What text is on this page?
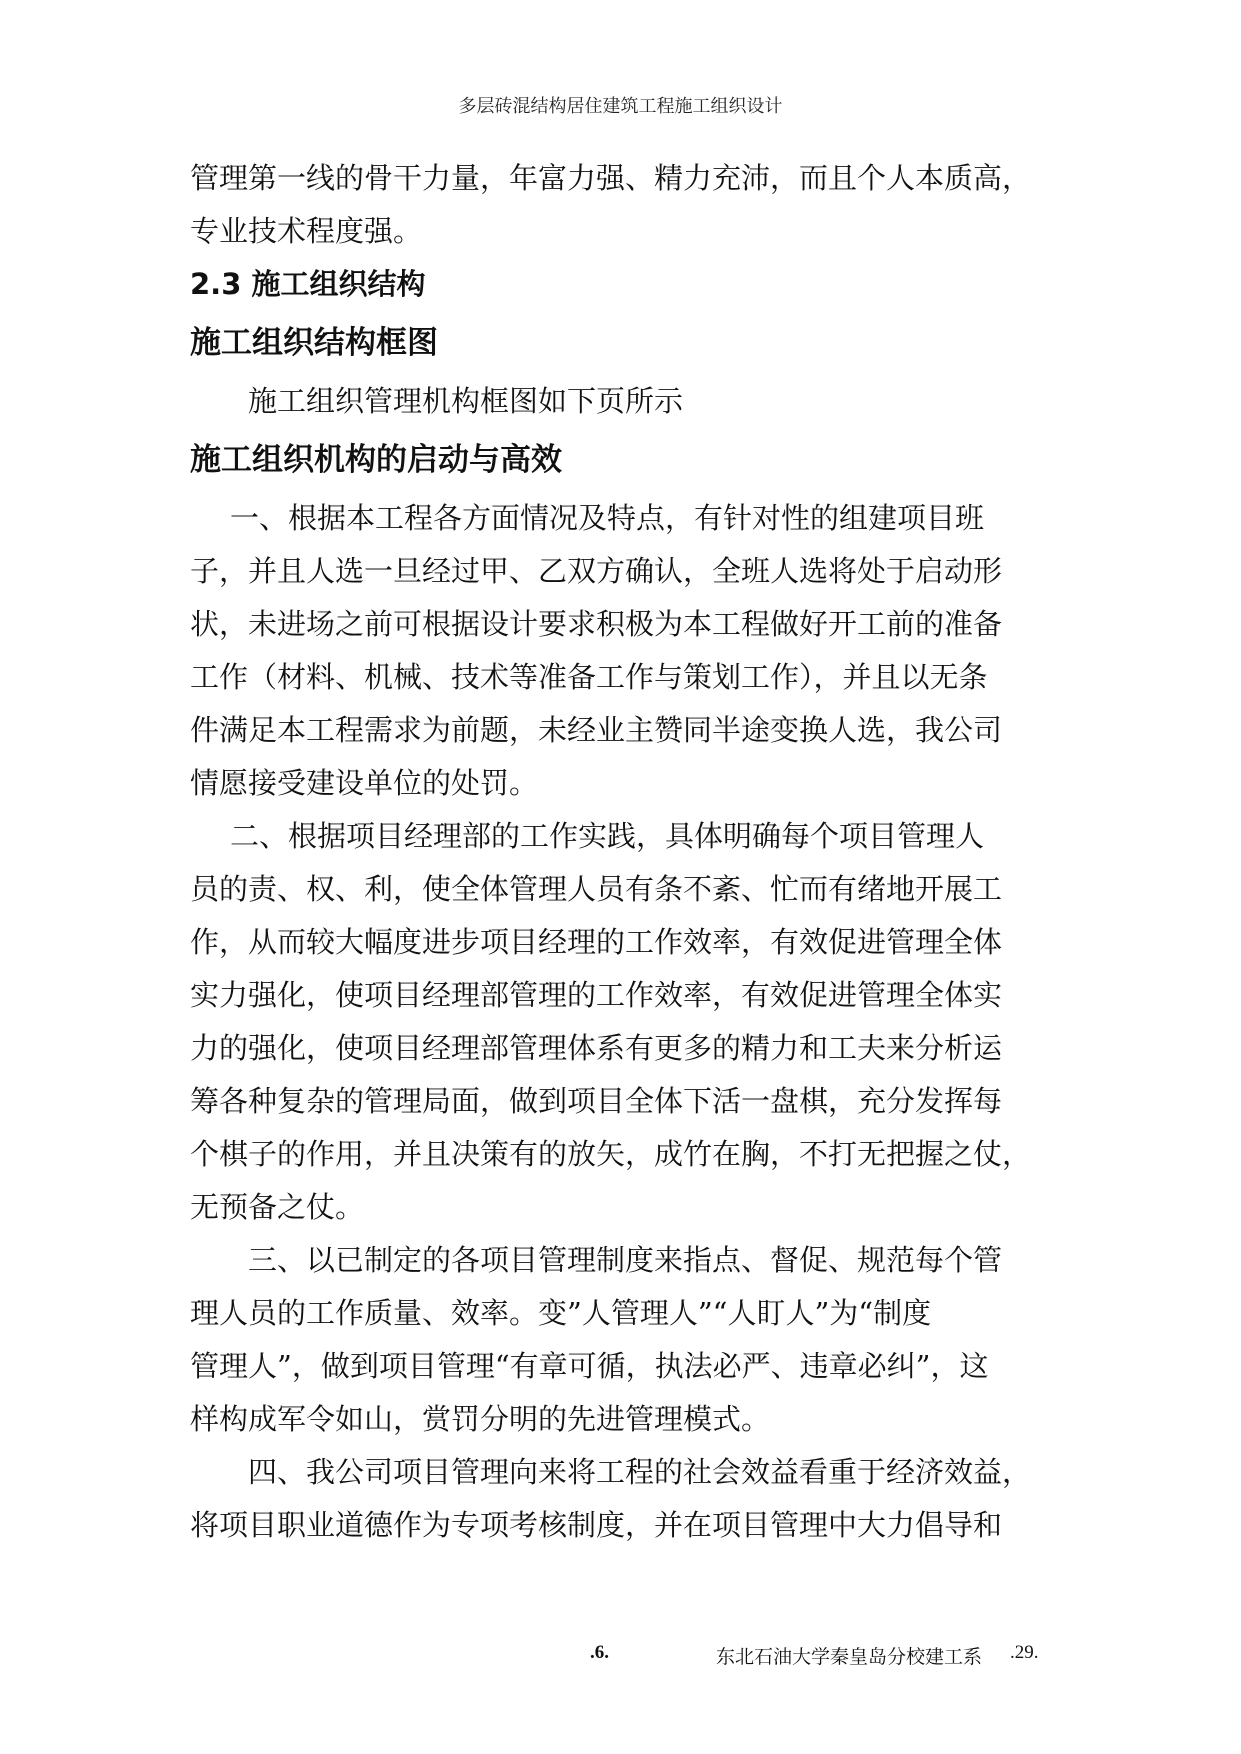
多层砖混结构居住建筑工程施工组织设计

管理第一线的骨干力量，年富力强、精力充沛，而且个人本质高，

专业技术程度强。

2.3 施工组织结构

施工组织结构框图

施工组织管理机构框图如下页所示

施工组织机构的启动与高效

一、根据本工程各方面情况及特点，有针对性的组建项目班

子，并且人选一旦经过甲、乙双方确认，全班人选将处于启动形

状，未进场之前可根据设计要求积极为本工程做好开工前的准备

工作（材料、机械、技术等准备工作与策划工作），并且以无条

件满足本工程需求为前题，未经业主赞同半途变换人选，我公司

情愿接受建设单位的处罚。

二、根据项目经理部的工作实践，具体明确每个项目管理人

员的责、权、利，使全体管理人员有条不紊、忙而有绪地开展工

作，从而较大幅度进步项目经理的工作效率，有效促进管理全体

实力强化，使项目经理部管理的工作效率，有效促进管理全体实

力的强化，使项目经理部管理体系有更多的精力和工夫来分析运

筹各种复杂的管理局面，做到项目全体下活一盘棋，充分发挥每

个棋子的作用，并且决策有的放矢，成竹在胸，不打无把握之仗，

无预备之仗。

三、以已制定的各项目管理制度来指点、督促、规范每个管

理人员的工作质量、效率。变”人管理人”“人盯人”为“制度

管理人”，做到项目管理“有章可循，执法必严、违章必纠”，这

样构成军令如山，赏罚分明的先进管理模式。

四、我公司项目管理向来将工程的社会效益看重于经济效益，

将项目职业道德作为专项考核制度，并在项目管理中大力倡导和

.6.	东北石油大学秦皇岛分校建工系 .29.
